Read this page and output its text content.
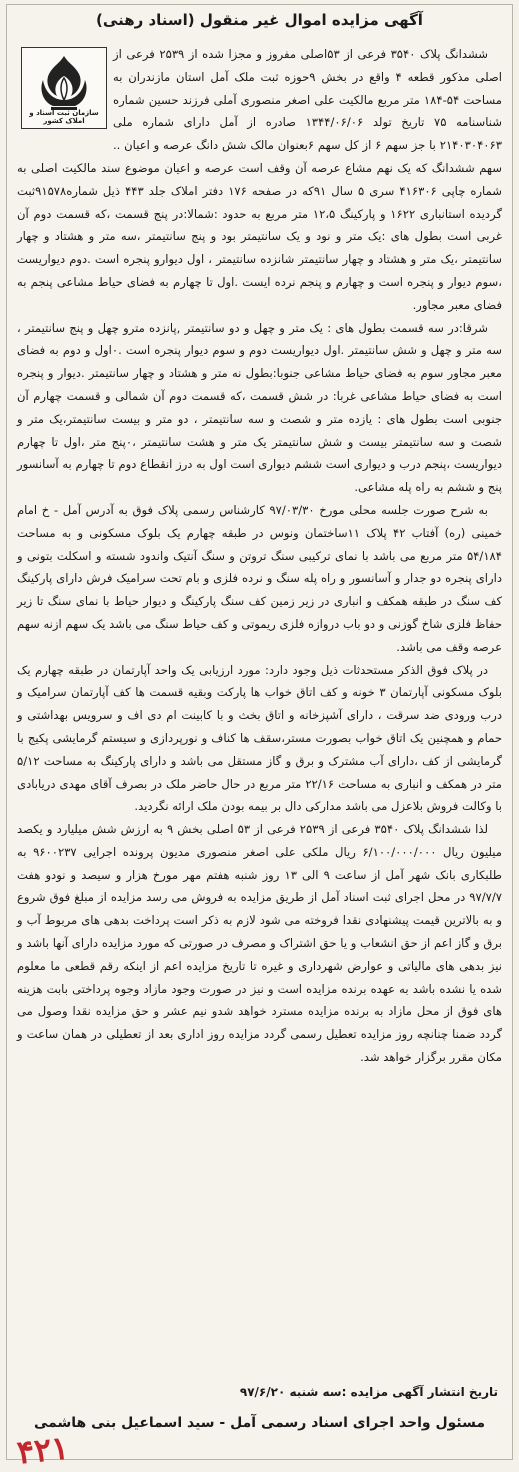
آگهی مزایده اموال غیر منقول (اسناد رهنی)
سازمان ثبت اسناد و املاک کشور

ششدانگ پلاک ۳۵۴۰ فرعی از ۵۳اصلی مفروز و مجزا شده از ۲۵۳۹ فرعی از اصلی مذکور قطعه ۴ واقع در بخش ۹حوزه ثبت ملک آمل استان مازندران به مساحت ۵۴-۱۸۴ متر مربع مالکیت علی اصغر منصوری آملی فرزند حسین شماره شناسنامه ۷۵ تاریخ تولد ۱۳۴۴/۰۶/۰۶ صادره از آمل دارای شماره ملی ۲۱۴۰۳۰۴۰۶۳ با جز سهم ۶ از کل سهم ۶بعنوان مالک شش دانگ عرصه و اعیان .. سهم ششدانگ که یک نهم مشاع عرصه آن وقف است عرصه و اعیان موضوع سند مالکیت اصلی به شماره چاپی ۴۱۶۳۰۶ سری ۵ سال ۹۱که در صفحه ۱۷۶ دفتر املاک جلد ۴۴۳ ذیل شماره۹۱۵۷۸ثبت گردیده استانباری ۱۶۲۲ و پارکینگ ۱۲،۵ متر مربع به حدود :شمالا:در پنج قسمت ،که قسمت دوم آن غربی است بطول های :یک متر و نود و یک سانتیمتر بود و پنج سانتیمتر ،سه متر و هشتاد و چهار سانتیمتر ،یک متر و هشتاد و چهار سانتیمتر شانزده سانتیمتر ، اول دیوارو پنجره است .دوم دیواریست ،سوم دیوار و پنجره است و چهارم و پنجم نرده ایست .اول تا چهارم به فضای حیاط مشاعی پنجم به فضای معبر مجاور.

شرقا:در سه قسمت بطول های : یک متر و چهل و دو سانتیمتر ,پانزده مترو چهل و پنج سانتیمتر ، سه متر و چهل و شش سانتیمتر .اول دیواریست دوم و سوم دیوار پنجره است .۰اول و دوم به فضای معبر مجاور سوم به فضای حیاط مشاعی جنوبا:بطول نه متر و هشتاد و چهار سانتیمتر .دیوار و پنجره است به فضای حیاط مشاعی غربا: در شش قسمت ،که قسمت دوم آن شمالی و قسمت چهارم آن جنوبی است بطول های : یازده متر و شصت و سه سانتیمتر ، دو متر و بیست سانتیمتر،یک متر و شصت و سه سانتیمتر بیست و شش سانتیمتر یک متر و هشت سانتیمتر ،۰پنج متر ،اول تا چهارم دیواریست ،پنجم درب و دیواری است ششم دیواری است اول به درز انقطاع دوم تا چهارم به آسانسور پنج و ششم به راه پله مشاعی.

به شرح صورت جلسه محلی مورخ ۹۷/۰۳/۳۰ کارشناس رسمی پلاک فوق به آدرس آمل - خ امام خمینی (ره) آفتاب ۴۲ پلاک ۱۱ساختمان ونوس در طبقه چهارم یک بلوک مسکونی و به مساحت ۵۴/۱۸۴ متر مربع می باشد با نمای ترکیبی سنگ تروتن و سنگ آنتیک واندود شسته و اسکلت بتونی و دارای پنجره دو جدار و آسانسور و راه پله سنگ و نرده فلزی و بام تحت سرامیک فرش دارای پارکینگ کف سنگ در طبقه همکف و انباری در زیر زمین کف سنگ پارکینگ و دیوار حیاط با نمای سنگ تا زیر حفاظ فلزی شاخ گوزنی و دو باب دروازه فلزی ریموتی و کف حیاط سنگ می باشد یک سهم ازنه سهم عرصه وقف می باشد.

در پلاک فوق الذکر مستحدثات ذیل وجود دارد: مورد ارزیابی یک واحد آپارتمان در طبقه چهارم یک بلوک مسکونی آپارتمان ۳ خونه و کف اتاق خواب ها پارکت وبقیه قسمت ها کف آپارتمان سرامیک و درب ورودی ضد سرقت ، دارای آشپزخانه و اتاق بخث و با کابینت ام دی اف و سرویس بهداشتی و حمام و همچنین یک اتاق خواب بصورت مستر،سقف ها کناف و نورپردازی و سیستم گرمایشی پکیج با گرمایشی از کف ،دارای آب مشترک و برق و گاز مستقل می باشد و دارای پارکینگ به مساحت ۵/۱۲ متر در همکف و انباری به مساحت ۲۲/۱۶ متر مربع در حال حاضر ملک در بصرف آقای مهدی دریابادی با وکالت فروش بلاعزل می باشد مدارکی دال بر بیمه بودن ملک ارائه نگردید.

لذا ششدانگ پلاک ۳۵۴۰ فرعی از ۲۵۳۹ فرعی از ۵۳ اصلی بخش ۹ به ارزش شش میلیارد و یکصد میلیون ریال ۶/۱۰۰/۰۰۰/۰۰۰ ریال ملکی علی اصغر منصوری مدیون پرونده اجرایی ۹۶۰۰۲۳۷ به طلبکاری بانک شهر آمل از ساعت ۹ الی ۱۳ روز شنبه هفتم مهر مورخ هزار و سیصد و نودو هفت ۹۷/۷/۷ در محل اجرای ثبت اسناد آمل از طریق مزایده به فروش می رسد مزایده از مبلغ فوق شروع و به بالاترین قیمت پیشنهادی نقدا فروخته می شود لازم به ذکر است پرداخت بدهی های مربوط آب و برق و گاز اعم از حق انشعاب و یا حق اشتراک و مصرف در صورتی که مورد مزایده دارای آنها باشد و نیز بدهی های مالیاتی و عوارض شهرداری و غیره تا تاریخ مزایده اعم از اینکه رقم قطعی ما معلوم شده یا نشده باشد به عهده برنده مزایده است و نیز در صورت وجود مازاد وجوه پرداختی بابت هزینه های فوق از محل مازاد به برنده مزایده مسترد خواهد شدو نیم عشر و حق مزایده نقدا وصول می گردد ضمنا چنانچه روز مزایده تعطیل رسمی گردد مزایده روز اداری بعد از تعطیلی در همان ساعت و مکان مقرر برگزار خواهد شد.

تاریخ انتشار آگهی مزایده :سه شنبه ۹۷/۶/۲۰
مسئول واحد اجرای اسناد رسمی آمل - سید اسماعیل بنی هاشمی
۴۲۱
